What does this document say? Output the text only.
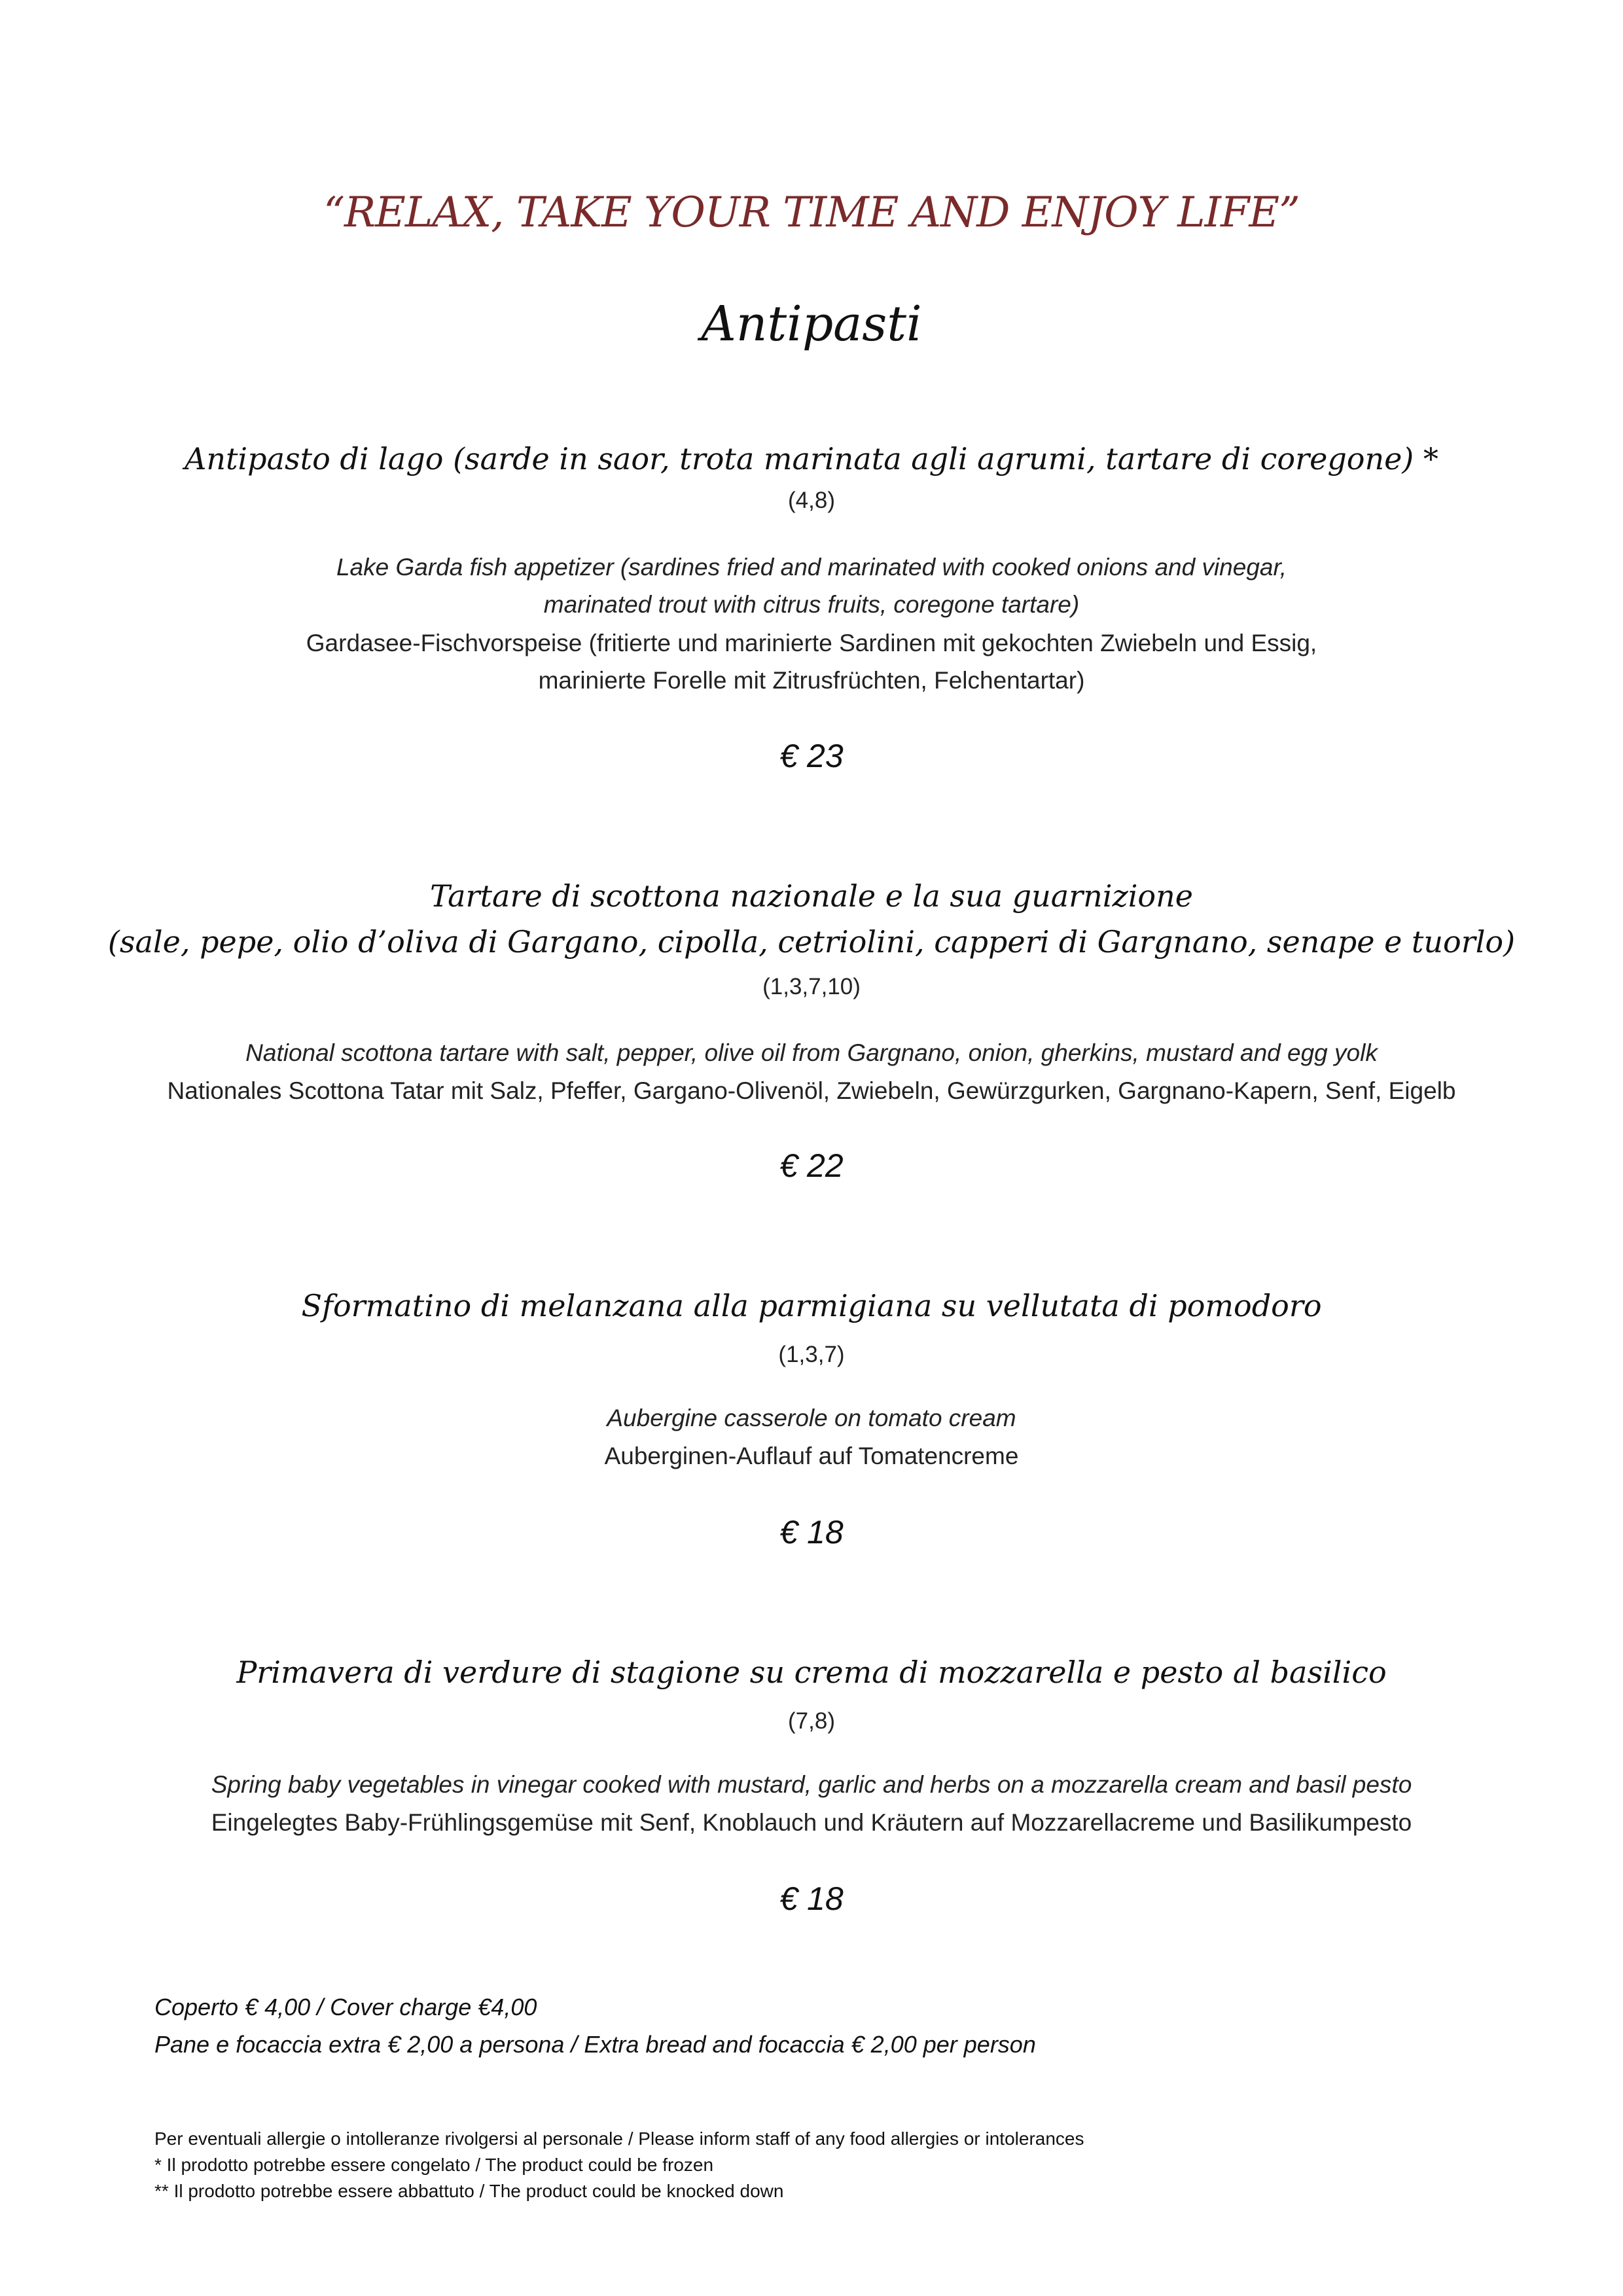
“RELAX, TAKE YOUR TIME AND ENJOY LIFE”
Antipasti
Antipasto di lago (sarde in saor, trota marinata agli agrumi, tartare di coregone) *
(4,8)
Lake Garda fish appetizer (sardines fried and marinated with cooked onions and vinegar,
marinated trout with citrus fruits, coregone tartare)
Gardasee-Fischvorspeise (fritierte und marinierte Sardinen mit gekochten Zwiebeln und Essig,
marinierte Forelle mit Zitrusfrüchten, Felchentartar)
€ 23
Tartare di scottona nazionale e la sua guarnizione
(sale, pepe, olio d’oliva di Gargano, cipolla, cetriolini, capperi di Gargnano, senape e tuorlo)
(1,3,7,10)
National scottona tartare with salt, pepper, olive oil from Gargnano, onion, gherkins, mustard and egg yolk
Nationales Scottona Tatar mit Salz, Pfeffer, Gargano-Olivenöl, Zwiebeln, Gewürzgurken, Gargnano-Kapern, Senf, Eigelb
€ 22
Sformatino di melanzana alla parmigiana su vellutata di pomodoro
(1,3,7)
Aubergine casserole on tomato cream
Auberginen-Auflauf auf Tomatencreme
€ 18
Primavera di verdure di stagione su crema di mozzarella e pesto al basilico
(7,8)
Spring baby vegetables in vinegar cooked with mustard, garlic and herbs on a mozzarella cream and basil pesto
Eingelegtes Baby-Frühlingsgemüse mit Senf, Knoblauch und Kräutern auf Mozzarellacreme und Basilikumpesto
€ 18
Coperto € 4,00 / Cover charge €4,00
Pane e focaccia extra € 2,00 a persona / Extra bread and focaccia € 2,00 per person
Per eventuali allergie o intolleranze rivolgersi al personale / Please inform staff of any food allergies or intolerances
* Il prodotto potrebbe essere congelato / The product could be frozen
** Il prodotto potrebbe essere abbattuto / The product could be knocked down
